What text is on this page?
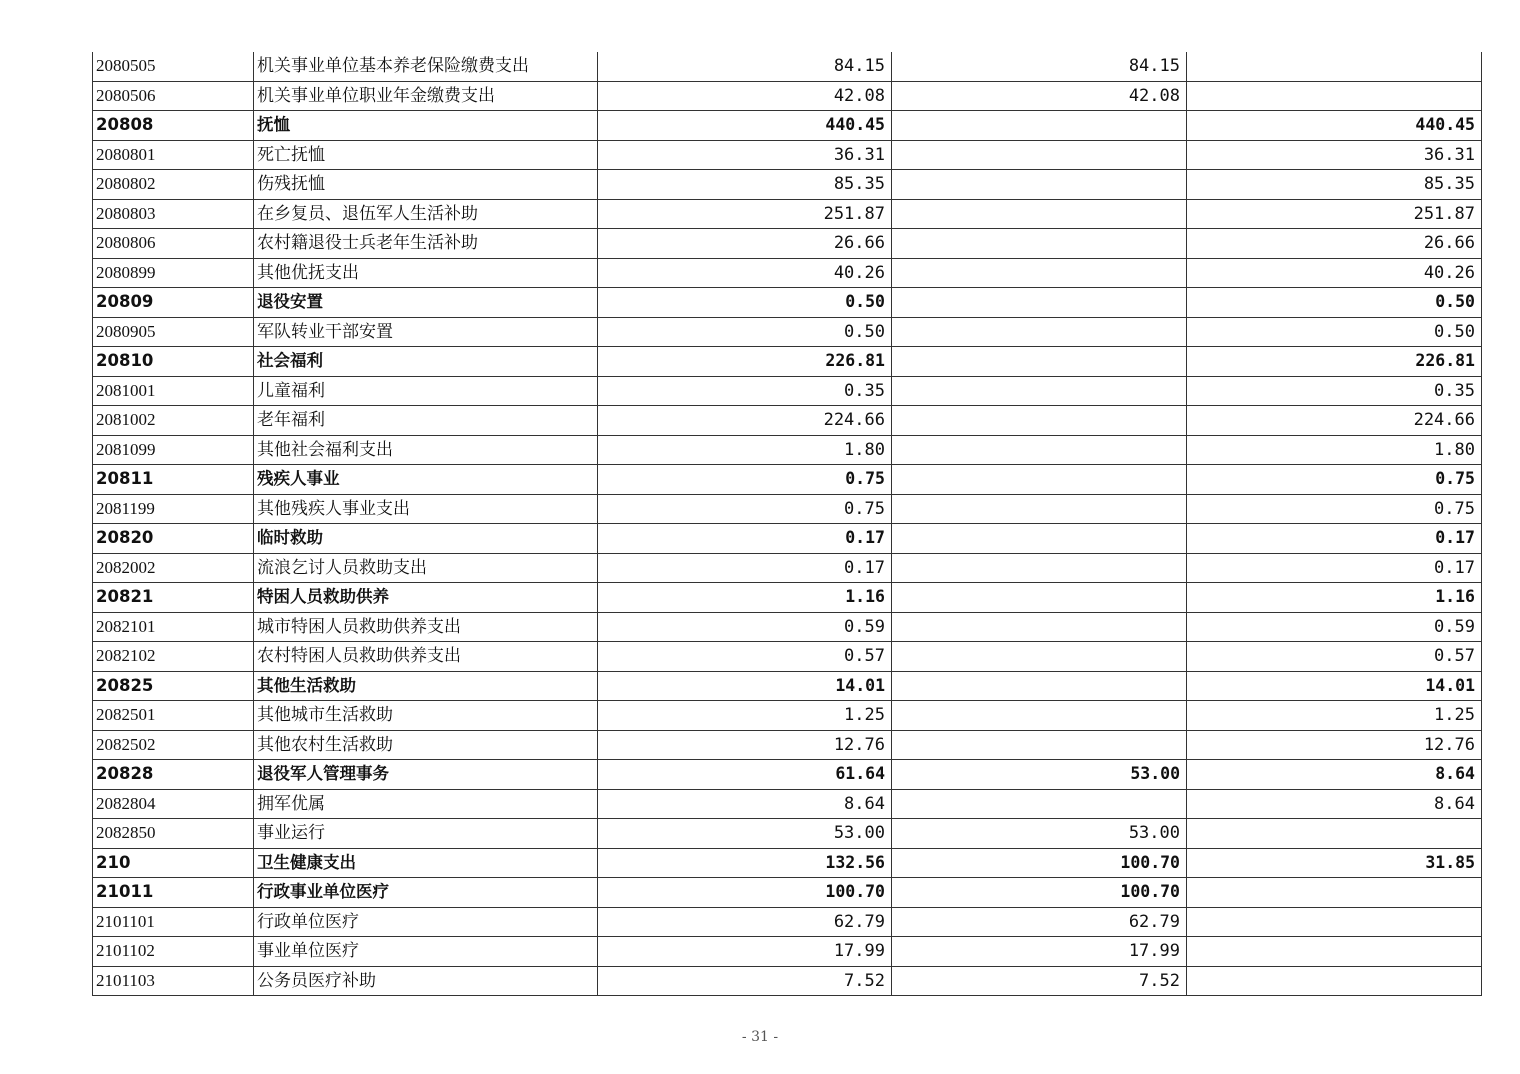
2080505	机关事业单位基本养老保险缴费支出	84.15	84.15	
2080506	机关事业单位职业年金缴费支出	42.08	42.08	
20808	抚恤	440.45		440.45
2080801	死亡抚恤	36.31		36.31
2080802	伤残抚恤	85.35		85.35
2080803	在乡复员、退伍军人生活补助	251.87		251.87
2080806	农村籍退役士兵老年生活补助	26.66		26.66
2080899	其他优抚支出	40.26		40.26
20809	退役安置	0.50		0.50
2080905	军队转业干部安置	0.50		0.50
20810	社会福利	226.81		226.81
2081001	儿童福利	0.35		0.35
2081002	老年福利	224.66		224.66
2081099	其他社会福利支出	1.80		1.80
20811	残疾人事业	0.75		0.75
2081199	其他残疾人事业支出	0.75		0.75
20820	临时救助	0.17		0.17
2082002	流浪乞讨人员救助支出	0.17		0.17
20821	特困人员救助供养	1.16		1.16
2082101	城市特困人员救助供养支出	0.59		0.59
2082102	农村特困人员救助供养支出	0.57		0.57
20825	其他生活救助	14.01		14.01
2082501	其他城市生活救助	1.25		1.25
2082502	其他农村生活救助	12.76		12.76
20828	退役军人管理事务	61.64	53.00	8.64
2082804	拥军优属	8.64		8.64
2082850	事业运行	53.00	53.00	
210	卫生健康支出	132.56	100.70	31.85
21011	行政事业单位医疗	100.70	100.70	
2101101	行政单位医疗	62.79	62.79	
2101102	事业单位医疗	17.99	17.99	
2101103	公务员医疗补助	7.52	7.52	
- 31 -
